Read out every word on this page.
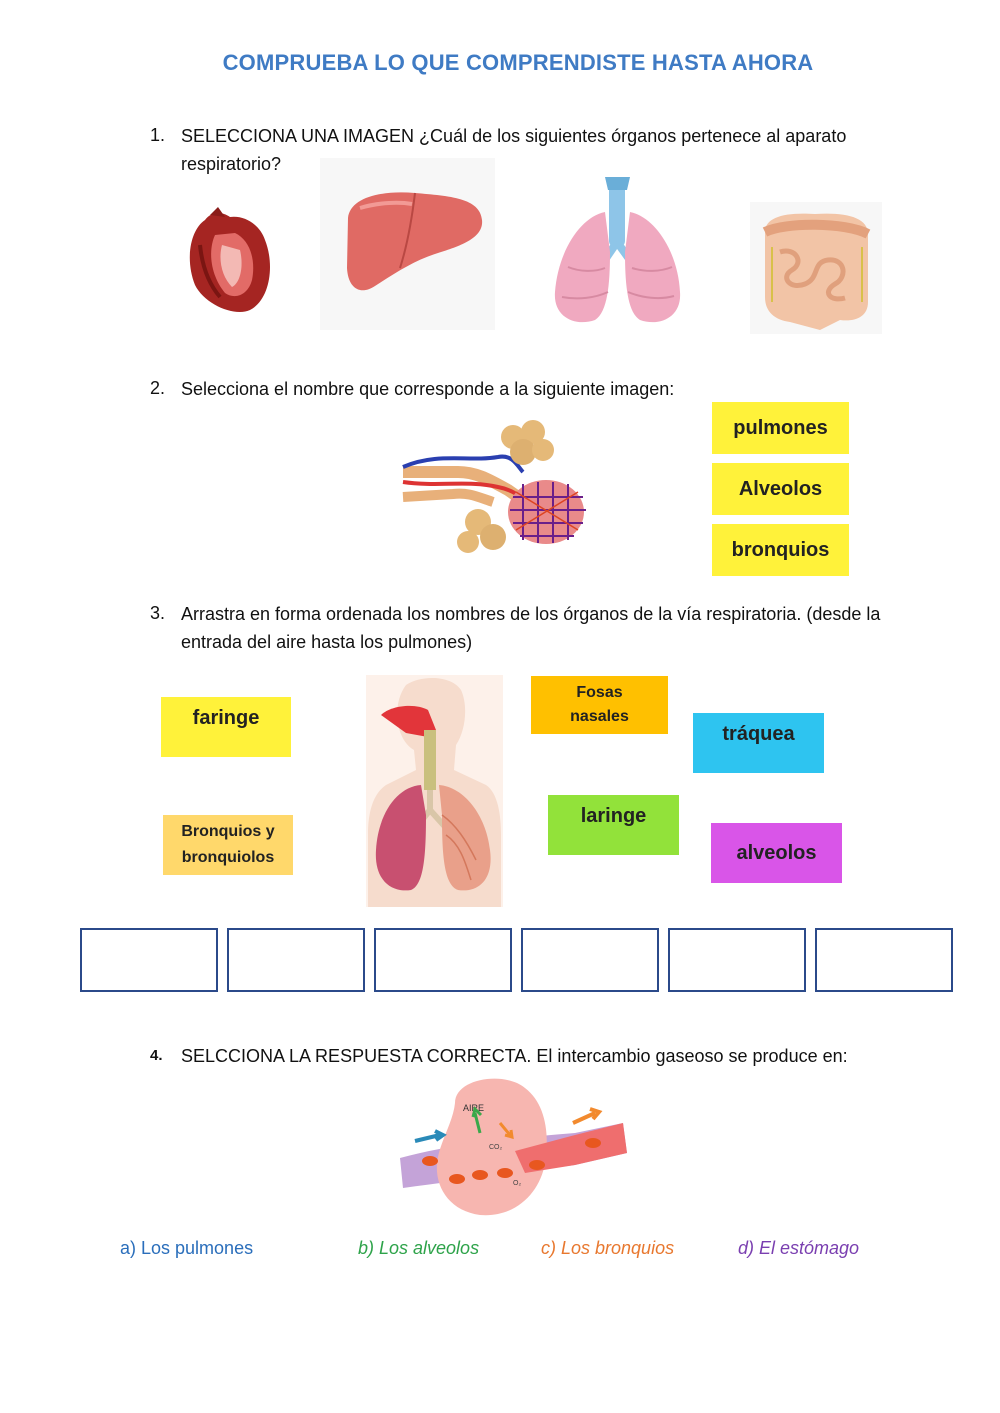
COMPRUEBA LO QUE COMPRENDISTE HASTA AHORA
1. SELECCIONA UNA IMAGEN ¿Cuál de los siguientes órganos pertenece al aparato respiratorio?
2. Selecciona el nombre que corresponde a la siguiente imagen:
pulmones
Alveolos
bronquios
3. Arrastra en forma ordenada los nombres de los órganos de la vía respiratoria. (desde la entrada del aire hasta los pulmones)
faringe
Fosas
nasales
tráquea
laringe
Bronquios y
bronquiolos	alveolos
4. SELCCIONA LA RESPUESTA CORRECTA. El intercambio gaseoso se produce en:
AIRE
CO₂
O₂
a) Los pulmones	b) Los alveolos	c) Los bronquios	d) El estómago
